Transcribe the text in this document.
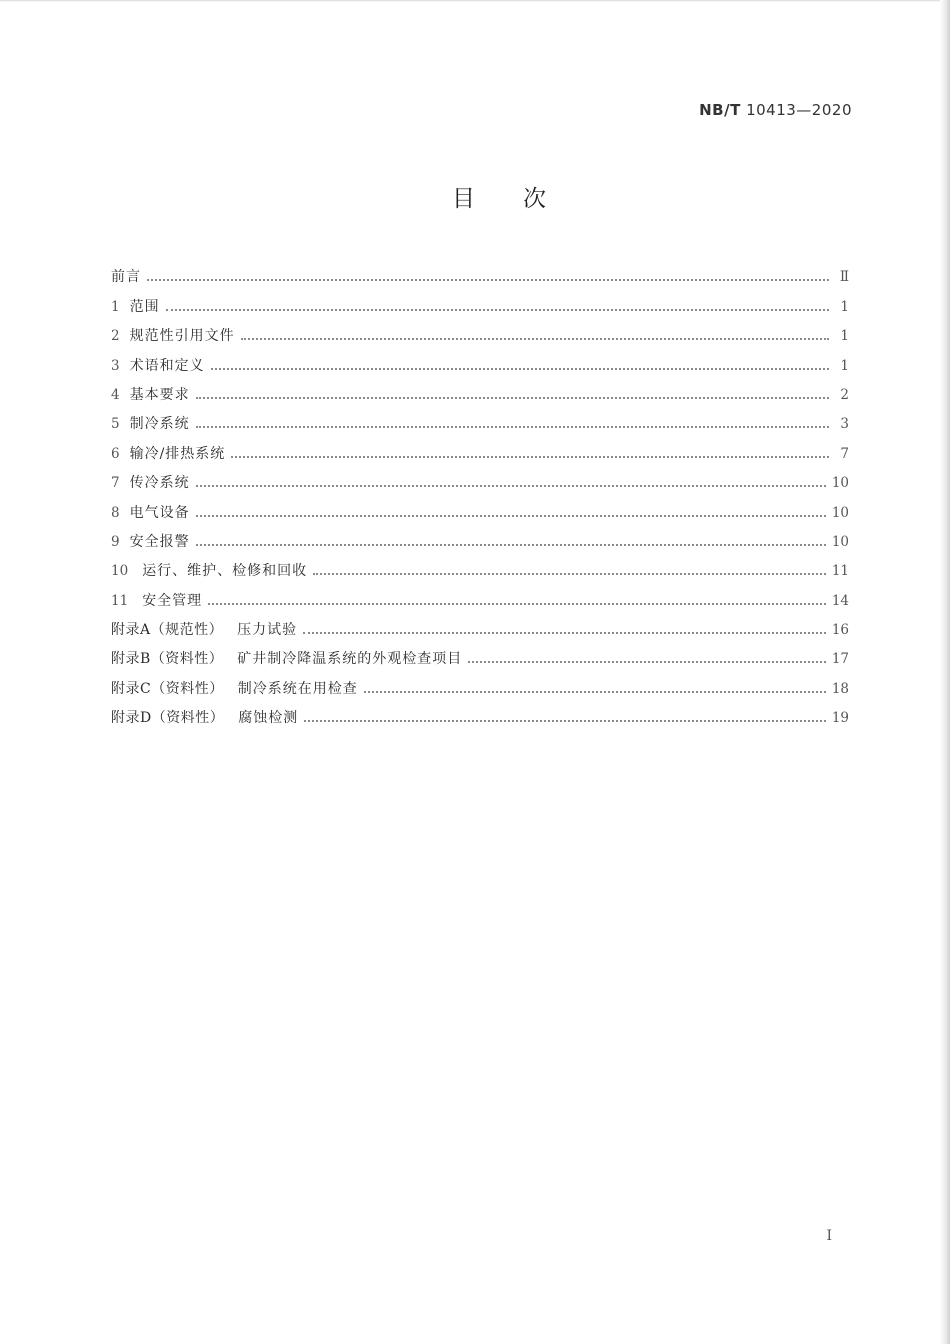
NB/T 10413—2020
目次
前言	Ⅱ
1 范围	1
2 规范性引用文件	1
3 术语和定义	1
4 基本要求	2
5 制冷系统	3
6 输冷/排热系统	7
7 传冷系统	10
8 电气设备	10
9 安全报警	10
10 运行、维护、检修和回收	11
11 安全管理	14
附录A（规范性） 压力试验	16
附录B（资料性） 矿井制冷降温系统的外观检查项目	17
附录C（资料性） 制冷系统在用检查	18
附录D（资料性） 腐蚀检测	19
Ⅰ
